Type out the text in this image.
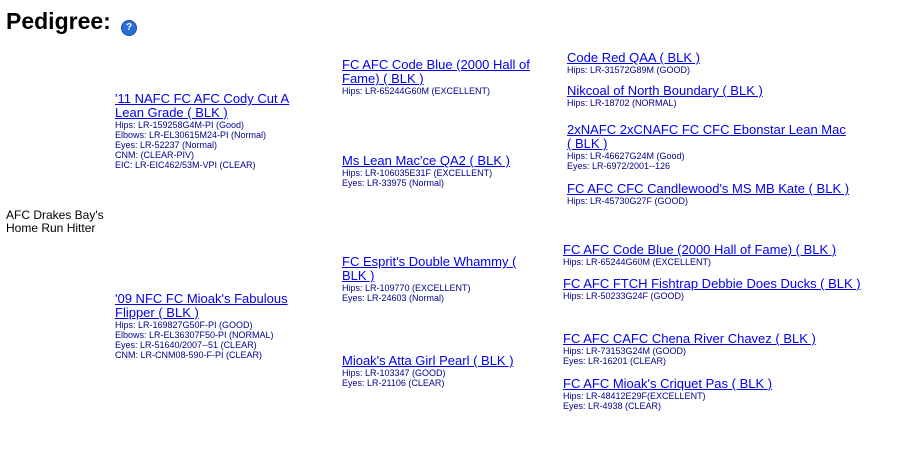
Pedigree:	?
AFC Drakes Bay's Home Run Hitter
'11 NAFC FC AFC Cody Cut A Lean Grade ( BLK )
Hips: LR-159258G4M-PI (Good)
Elbows: LR-EL30615M24-PI (Normal)
Eyes: LR-52237 (Normal)
CNM: (CLEAR-PIV)
EIC: LR-EIC462/53M-VPI (CLEAR)
'09 NFC FC Mioak's Fabulous Flipper ( BLK )
Hips: LR-169827G50F-PI (GOOD)
Elbows: LR-EL36307F50-PI (NORMAL)
Eyes: LR-51640/2007--51 (CLEAR)
CNM: LR-CNM08-590-F-PI (CLEAR)
FC AFC Code Blue (2000 Hall of Fame) ( BLK )
Hips: LR-65244G60M (EXCELLENT)
Ms Lean Mac'ce QA2 ( BLK )
Hips: LR-106035E31F (EXCELLENT)
Eyes: LR-33975 (Normal)
FC Esprit's Double Whammy ( BLK )
Hips: LR-109770 (EXCELLENT)
Eyes: LR-24603 (Normal)
Mioak's Atta Girl Pearl ( BLK )
Hips: LR-103347 (GOOD)
Eyes: LR-21106 (CLEAR)
Code Red QAA ( BLK )
Hips: LR-31572G89M (GOOD)
Nikcoal of North Boundary ( BLK )
Hips: LR-18702 (NORMAL)
2xNAFC 2xCNAFC FC CFC Ebonstar Lean Mac ( BLK )
Hips: LR-46627G24M (Good)
Eyes: LR-6972/2001--126
FC AFC CFC Candlewood's MS MB Kate ( BLK )
Hips: LR-45730G27F (GOOD)
FC AFC Code Blue (2000 Hall of Fame) ( BLK )
Hips: LR-65244G60M (EXCELLENT)
FC AFC FTCH Fishtrap Debbie Does Ducks ( BLK )
Hips: LR-50233G24F (GOOD)
FC AFC CAFC Chena River Chavez ( BLK )
Hips: LR-73153G24M (GOOD)
Eyes: LR-16201 (CLEAR)
FC AFC Mioak's Criquet Pas ( BLK )
Hips: LR-48412E29F(EXCELLENT)
Eyes: LR-4938 (CLEAR)
